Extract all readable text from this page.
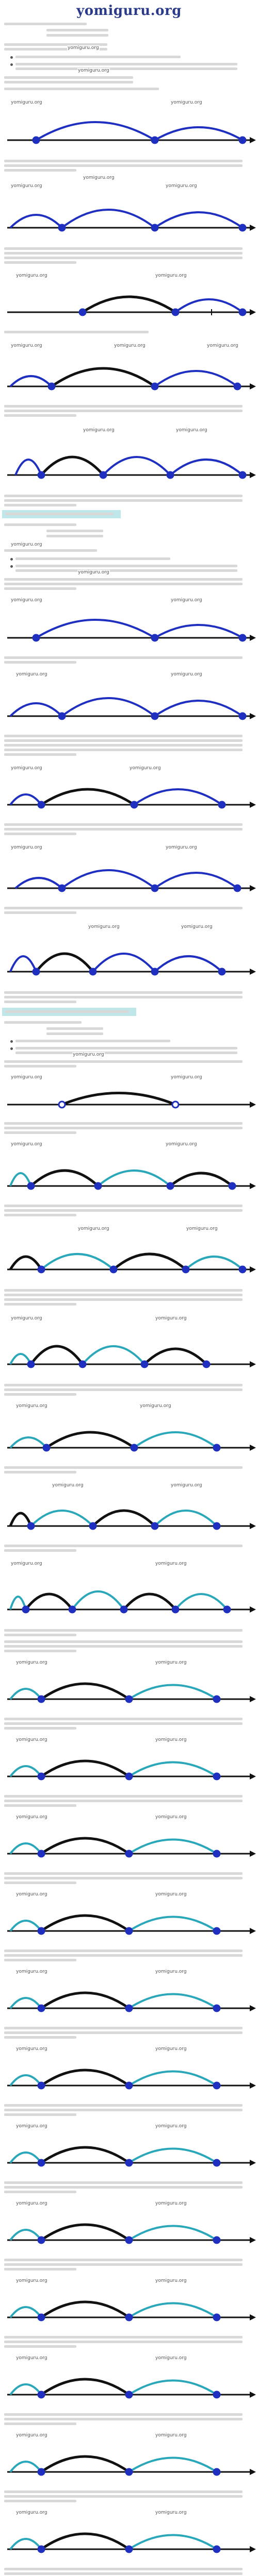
yomiguru.org
yomiguru.org
yomiguru.org
yomiguru.org	yomiguru.org
yomiguru.org
yomiguru.org	yomiguru.org
yomiguru.org	yomiguru.org
yomiguru.org	yomiguru.org	yomiguru.org
yomiguru.org	yomiguru.org
yomiguru.org
yomiguru.org
yomiguru.org	yomiguru.org
yomiguru.org	yomiguru.org
yomiguru.org	yomiguru.org
yomiguru.org	yomiguru.org
yomiguru.org	yomiguru.org
yomiguru.org
yomiguru.org	yomiguru.org
yomiguru.org	yomiguru.org
yomiguru.org	yomiguru.org
yomiguru.org	yomiguru.org
yomiguru.org	yomiguru.org
yomiguru.org	yomiguru.org
yomiguru.org	yomiguru.org
yomiguru.org	yomiguru.org
yomiguru.org	yomiguru.org
yomiguru.org	yomiguru.org
yomiguru.org	yomiguru.org
yomiguru.org	yomiguru.org
yomiguru.org	yomiguru.org
yomiguru.org	yomiguru.org
yomiguru.org	yomiguru.org
yomiguru.org	yomiguru.org
yomiguru.org	yomiguru.org
yomiguru.org	yomiguru.org
yomiguru.org	yomiguru.org
